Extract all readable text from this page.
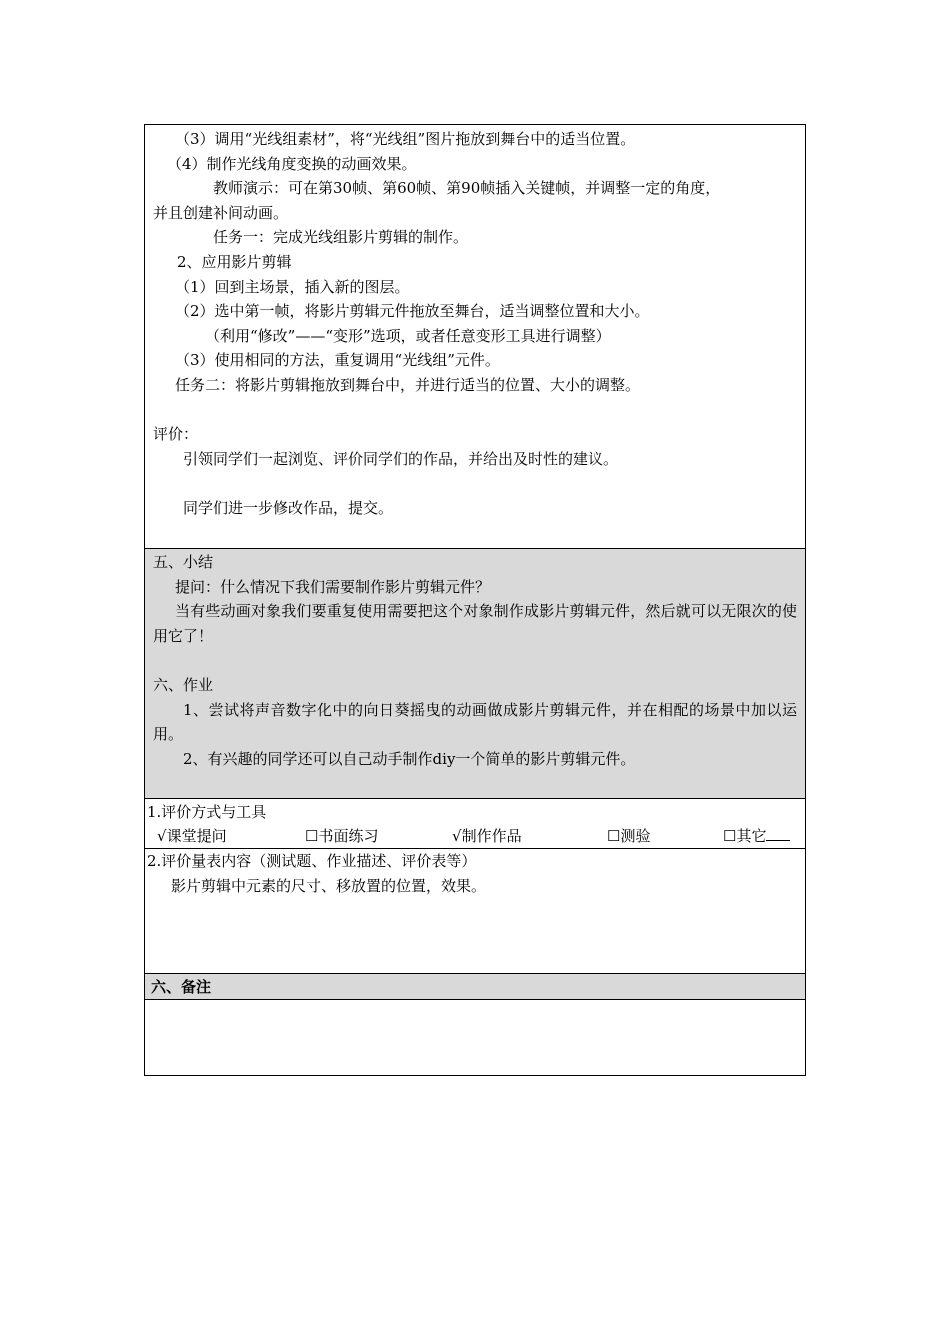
（3）调用“光线组素材”，将“光线组”图片拖放到舞台中的适当位置。
（4）制作光线角度变换的动画效果。
教师演示：可在第30帧、第60帧、第90帧插入关键帧，并调整一定的角度，
并且创建补间动画。
任务一：完成光线组影片剪辑的制作。
2、应用影片剪辑
（1）回到主场景，插入新的图层。
（2）选中第一帧，将影片剪辑元件拖放至舞台，适当调整位置和大小。
（利用“修改”——“变形”选项，或者任意变形工具进行调整）
（3）使用相同的方法，重复调用“光线组”元件。
任务二：将影片剪辑拖放到舞台中，并进行适当的位置、大小的调整。
评价：
引领同学们一起浏览、评价同学们的作品，并给出及时性的建议。
同学们进一步修改作品，提交。
五、小结
提问：什么情况下我们需要制作影片剪辑元件？
当有些动画对象我们要重复使用需要把这个对象制作成影片剪辑元件，然后就可以无限次的使用它了！
六、作业
1、尝试将声音数字化中的向日葵摇曳的动画做成影片剪辑元件，并在相配的场景中加以运用。
2、有兴趣的同学还可以自己动手制作diy一个简单的影片剪辑元件。
1.评价方式与工具
√课堂提问	☐书面练习	√制作作品	☐测验	☐其它
2.评价量表内容（测试题、作业描述、评价表等）
影片剪辑中元素的尺寸、移放置的位置，效果。
六、备注
